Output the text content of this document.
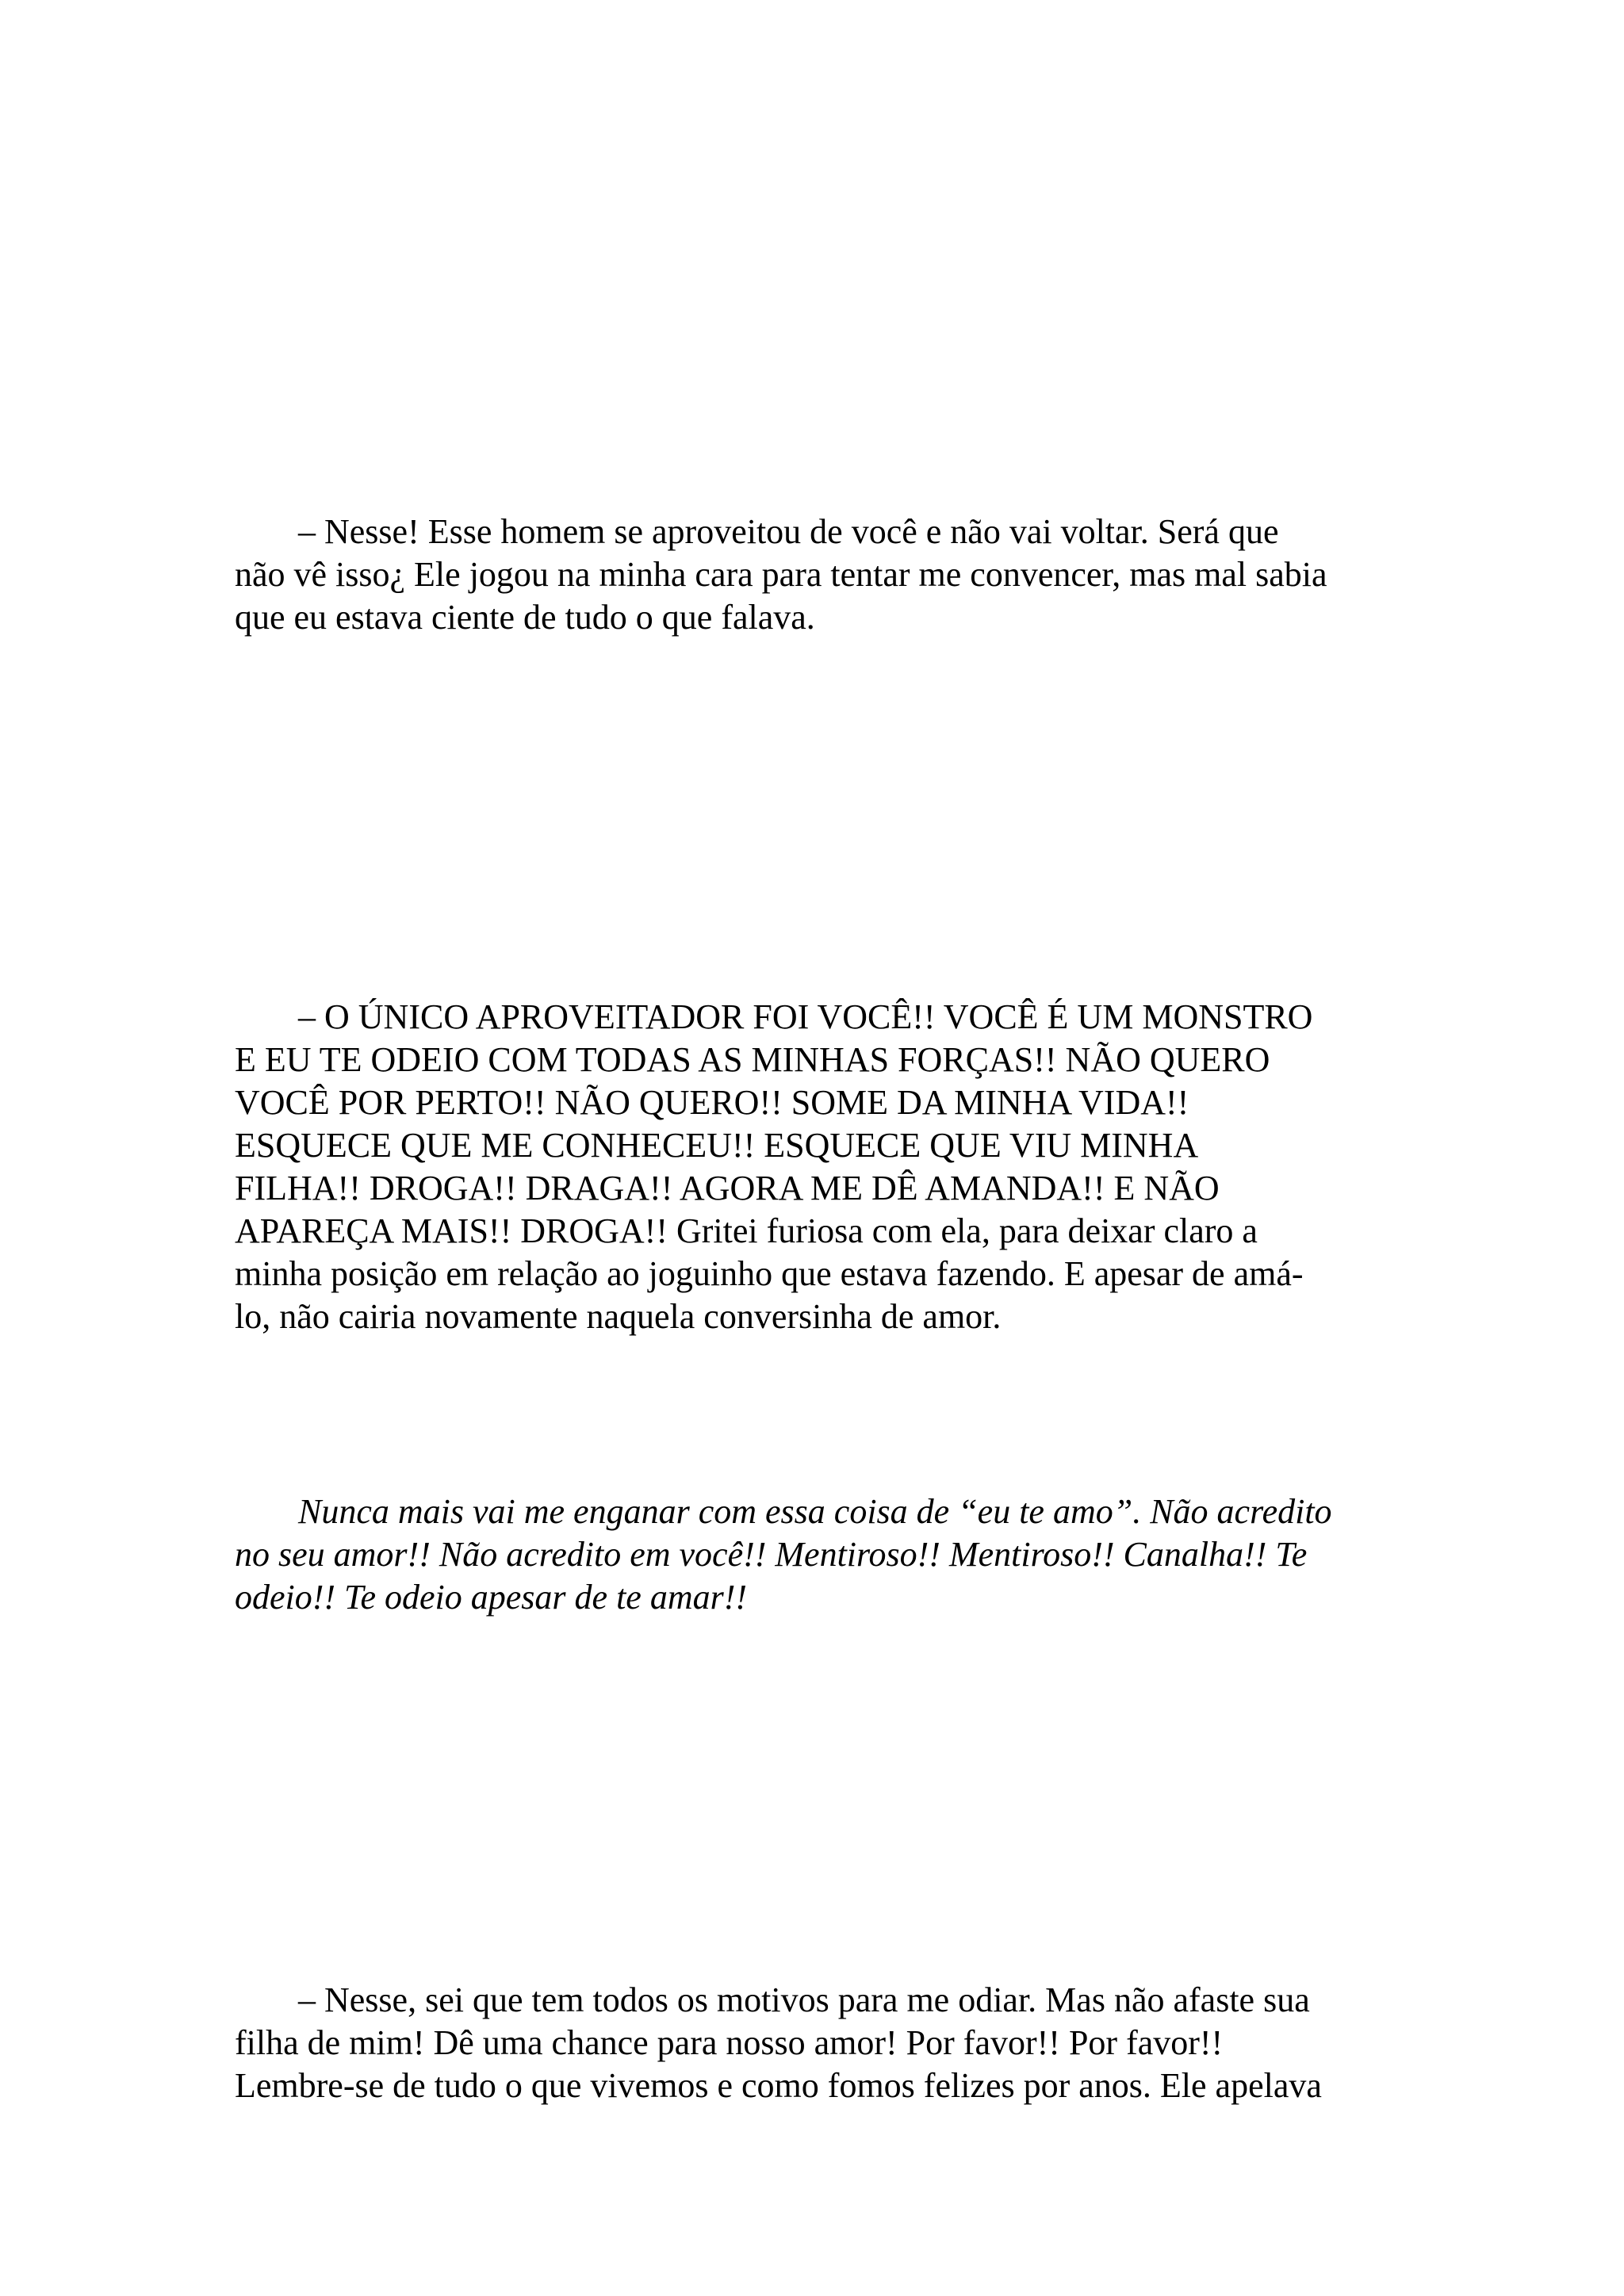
– Nesse! Esse homem se aproveitou de você e não vai voltar. Será que
não vê isso¿ Ele jogou na minha cara para tentar me convencer, mas mal sabia
que eu estava ciente de tudo o que falava.
– O ÚNICO APROVEITADOR FOI VOCÊ!! VOCÊ É UM MONSTRO
E EU TE ODEIO COM TODAS AS MINHAS FORÇAS!! NÃO QUERO
VOCÊ POR PERTO!! NÃO QUERO!! SOME DA MINHA VIDA!!
ESQUECE QUE ME CONHECEU!! ESQUECE QUE VIU MINHA
FILHA!! DROGA!! DRAGA!! AGORA ME DÊ AMANDA!! E NÃO
APAREÇA MAIS!! DROGA!! Gritei furiosa com ela, para deixar claro a
minha posição em relação ao joguinho que estava fazendo. E apesar de amá-
lo, não cairia novamente naquela conversinha de amor.
Nunca mais vai me enganar com essa coisa de “eu te amo”. Não acredito
no seu amor!! Não acredito em você!! Mentiroso!! Mentiroso!! Canalha!! Te
odeio!! Te odeio apesar de te amar!!
– Nesse, sei que tem todos os motivos para me odiar. Mas não afaste sua
filha de mim! Dê uma chance para nosso amor! Por favor!! Por favor!!
Lembre-se de tudo o que vivemos e como fomos felizes por anos. Ele apelava
